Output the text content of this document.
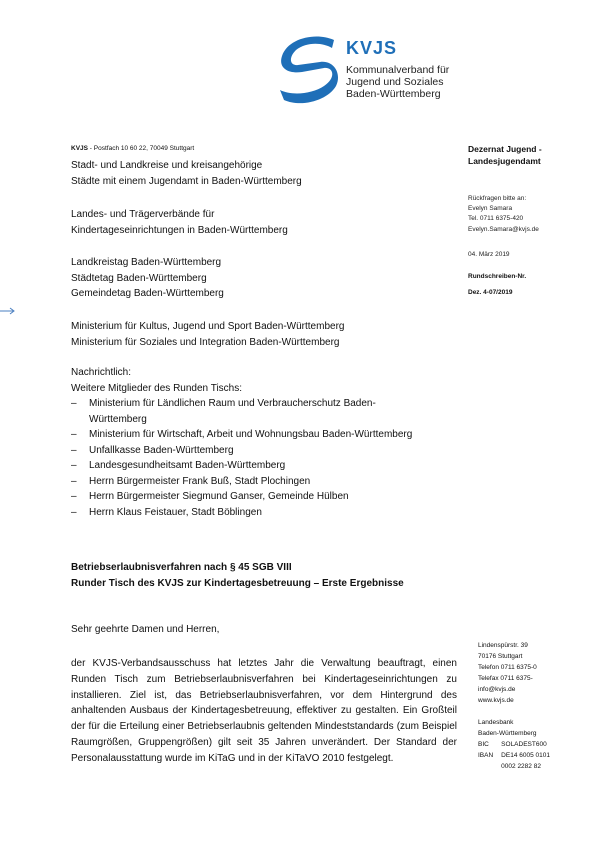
KVJS
Kommunalverband für
Jugend und Soziales
Baden-Württemberg
KVJS - Postfach 10 60 22, 70049 Stuttgart
Stadt- und Landkreise und kreisangehörige
Städte mit einem Jugendamt in Baden-Württemberg
Landes- und Trägerverbände für
Kindertageseinrichtungen in Baden-Württemberg
Landkreistag Baden-Württemberg
Städtetag Baden-Württemberg
Gemeindetag Baden-Württemberg
Ministerium für Kultus, Jugend und Sport Baden-Württemberg
Ministerium für Soziales und Integration Baden-Württemberg
Nachrichtlich:
Weitere Mitglieder des Runden Tischs:
–	Ministerium für Ländlichen Raum und Verbraucherschutz Baden-Württemberg
–	Ministerium für Wirtschaft, Arbeit und Wohnungsbau Baden-Württemberg
–	Unfallkasse Baden-Württemberg
–	Landesgesundheitsamt Baden-Württemberg
–	Herrn Bürgermeister Frank Buß, Stadt Plochingen
–	Herrn Bürgermeister Siegmund Ganser, Gemeinde Hülben
–	Herrn Klaus Feistauer, Stadt Böblingen
Betriebserlaubnisverfahren nach § 45 SGB VIII
Runder Tisch des KVJS zur Kindertagesbetreuung – Erste Ergebnisse
Sehr geehrte Damen und Herren,
der KVJS-Verbandsausschuss hat letztes Jahr die Verwaltung beauftragt, einen Runden Tisch zum Betriebserlaubnisverfahren bei Kindertageseinrichtungen zu installieren. Ziel ist, das Betriebserlaubnisverfahren, vor dem Hintergrund des anhaltenden Ausbaus der Kindertagesbetreuung, effektiver zu gestalten. Ein Großteil der für die Erteilung einer Betriebserlaubnis geltenden Mindeststandards (zum Beispiel Raumgrößen, Gruppengrößen) gilt seit 35 Jahren unverändert. Der Standard der Personalausstattung wurde im KiTaG und in der KiTaVO 2010 festgelegt.
Dezernat Jugend -
Landesjugendamt
Rückfragen bitte an:
Evelyn Samara
Tel. 0711 6375-420
Evelyn.Samara@kvjs.de
04. März 2019
Rundschreiben-Nr.
Dez. 4-07/2019
Lindenspürstr. 39
70176 Stuttgart
Telefon 0711 6375-0
Telefax 0711 6375-
info@kvjs.de
www.kvjs.de
Landesbank
Baden-Württemberg
BIC	SOLADEST600
IBAN	DE14 6005 0101
	0002 2282 82
